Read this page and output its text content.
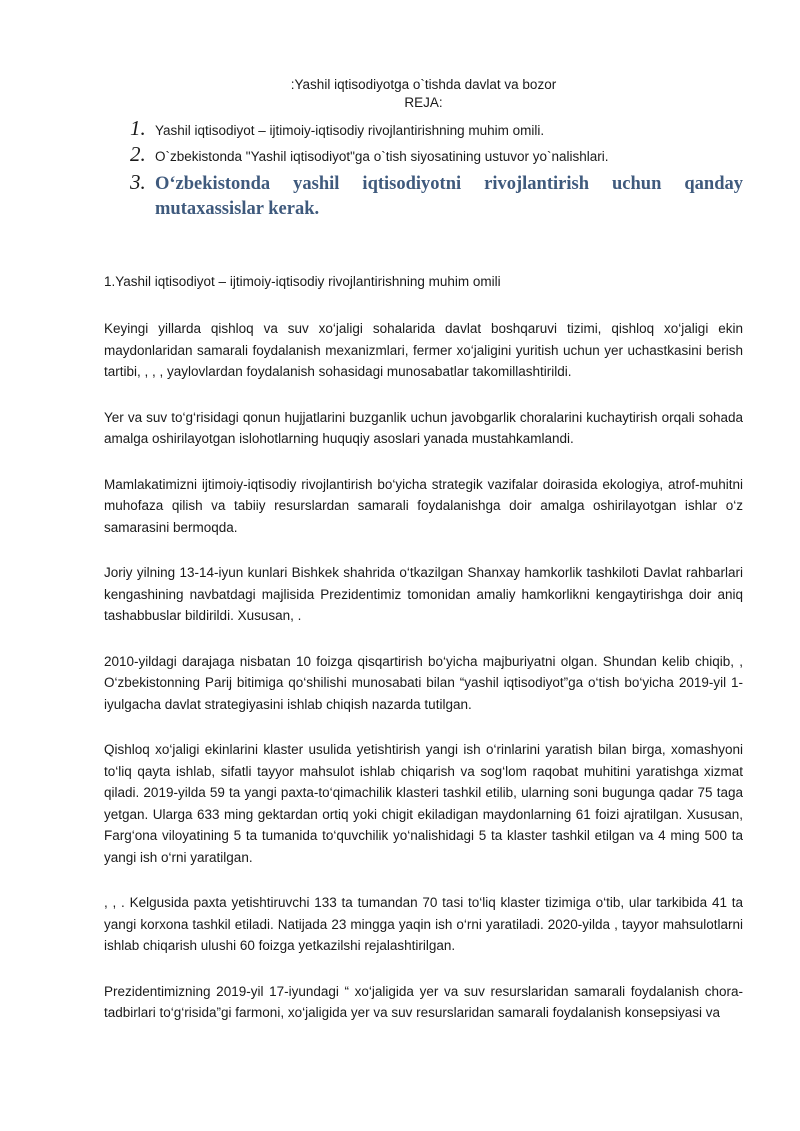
:Yashil iqtisodiyotga o`tishda davlat va bozor

REJA:

1. Yashil iqtisodiyot – ijtimoiy-iqtisodiy rivojlantirishning muhim omili.
2. O`zbekistonda "Yashil iqtisodiyot"ga o`tish siyosatining ustuvor yo`nalishlari.
3. O‘zbekistonda yashil iqtisodiyotni rivojlantirish uchun qanday mutaxassislar kerak.

1.Yashil iqtisodiyot – ijtimoiy-iqtisodiy rivojlantirishning muhim omili

Keyingi yillarda qishloq va suv xo‘jaligi sohalarida davlat boshqaruvi tizimi, qishloq xo‘jaligi ekin maydonlaridan samarali foydalanish mexanizmlari, fermer xo‘jaligini yuritish uchun yer uchastkasini berish tartibi, , , , yaylovlardan foydalanish sohasidagi munosabatlar takomillashtirildi.

Yer va suv to‘g‘risidagi qonun hujjatlarini buzganlik uchun javobgarlik choralarini kuchaytirish orqali sohada amalga oshirilayotgan islohotlarning huquqiy asoslari yanada mustahkamlandi.

Mamlakatimizni ijtimoiy-iqtisodiy rivojlantirish bo‘yicha strategik vazifalar doirasida ekologiya, atrof-muhitni muhofaza qilish va tabiiy resurslardan samarali foydalanishga doir amalga oshirilayotgan ishlar o‘z samarasini bermoqda.

Joriy yilning 13-14-iyun kunlari Bishkek shahrida o‘tkazilgan Shanxay hamkorlik tashkiloti Davlat rahbarlari kengashining navbatdagi majlisida Prezidentimiz tomonidan amaliy hamkorlikni kengaytirishga doir aniq tashabbuslar bildirildi. Xususan, .

2010-yildagi darajaga nisbatan 10 foizga qisqartirish bo‘yicha majburiyatni olgan. Shundan kelib chiqib, , O‘zbekistonning Parij bitimiga qo‘shilishi munosabati bilan “yashil iqtisodiyot”ga o‘tish bo‘yicha 2019-yil 1-iyulgacha davlat strategiyasini ishlab chiqish nazarda tutilgan.

Qishloq xo‘jaligi ekinlarini klaster usulida yetishtirish yangi ish o‘rinlarini yaratish bilan birga, xomashyoni to‘liq qayta ishlab, sifatli tayyor mahsulot ishlab chiqarish va sog‘lom raqobat muhitini yaratishga xizmat qiladi. 2019-yilda 59 ta yangi paxta-to‘qimachilik klasteri tashkil etilib, ularning soni bugunga qadar 75 taga yetgan. Ularga 633 ming gektardan ortiq yoki chigit ekiladigan maydonlarning 61 foizi ajratilgan. Xususan, Farg‘ona viloyatining 5 ta tumanida to‘quvchilik yo‘nalishidagi 5 ta klaster tashkil etilgan va 4 ming 500 ta yangi ish o‘rni yaratilgan.

, , . Kelgusida paxta yetishtiruvchi 133 ta tumandan 70 tasi to‘liq klaster tizimiga o‘tib, ular tarkibida 41 ta yangi korxona tashkil etiladi. Natijada 23 mingga yaqin ish o‘rni yaratiladi. 2020-yilda , tayyor mahsulotlarni ishlab chiqarish ulushi 60 foizga yetkazilshi rejalashtirilgan.

Prezidentimizning 2019-yil 17-iyundagi “ xo‘jaligida yer va suv resurslaridan samarali foydalanish chora-tadbirlari to‘g‘risida”gi farmoni, xo‘jaligida yer va suv resurslaridan samarali foydalanish konsepsiyasi va
